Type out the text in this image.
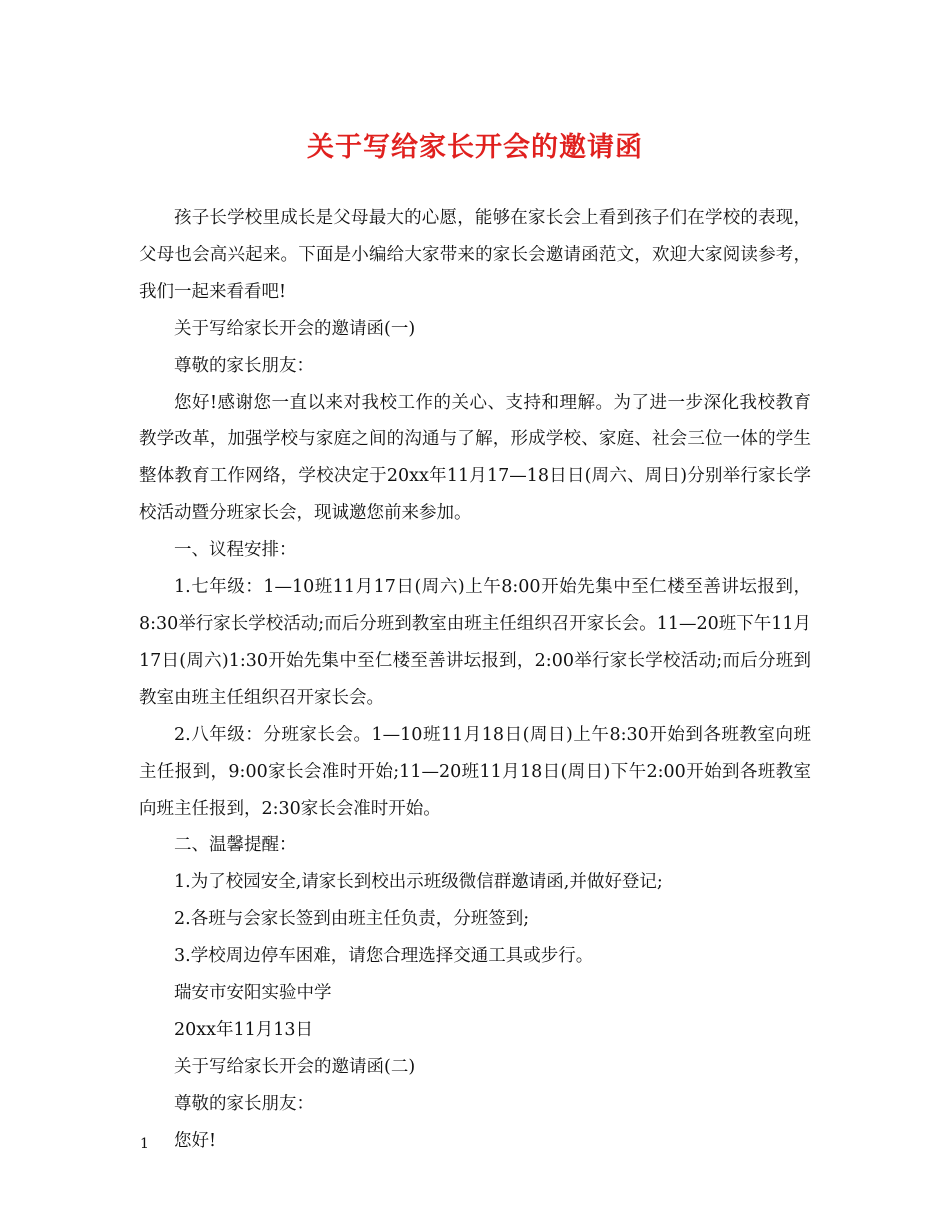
关于写给家长开会的邀请函

孩子长学校里成长是父母最大的心愿，能够在家长会上看到孩子们在学校的表现，父母也会高兴起来。下面是小编给大家带来的家长会邀请函范文，欢迎大家阅读参考，我们一起来看看吧!

关于写给家长开会的邀请函(一)

尊敬的家长朋友：

您好!感谢您一直以来对我校工作的关心、支持和理解。为了进一步深化我校教育教学改革，加强学校与家庭之间的沟通与了解，形成学校、家庭、社会三位一体的学生整体教育工作网络，学校决定于20xx年11月17—18日日(周六、周日)分别举行家长学校活动暨分班家长会，现诚邀您前来参加。

一、议程安排：

1.七年级：1—10班11月17日(周六)上午8:00开始先集中至仁楼至善讲坛报到，8:30举行家长学校活动;而后分班到教室由班主任组织召开家长会。11—20班下午11月17日(周六)1:30开始先集中至仁楼至善讲坛报到，2:00举行家长学校活动;而后分班到教室由班主任组织召开家长会。

2.八年级：分班家长会。1—10班11月18日(周日)上午8:30开始到各班教室向班主任报到，9:00家长会准时开始;11—20班11月18日(周日)下午2:00开始到各班教室向班主任报到，2:30家长会准时开始。

二、温馨提醒：

1.为了校园安全,请家长到校出示班级微信群邀请函,并做好登记;

2.各班与会家长签到由班主任负责，分班签到;

3.学校周边停车困难，请您合理选择交通工具或步行。

瑞安市安阳实验中学

20xx年11月13日

关于写给家长开会的邀请函(二)

尊敬的家长朋友：

您好!

1
